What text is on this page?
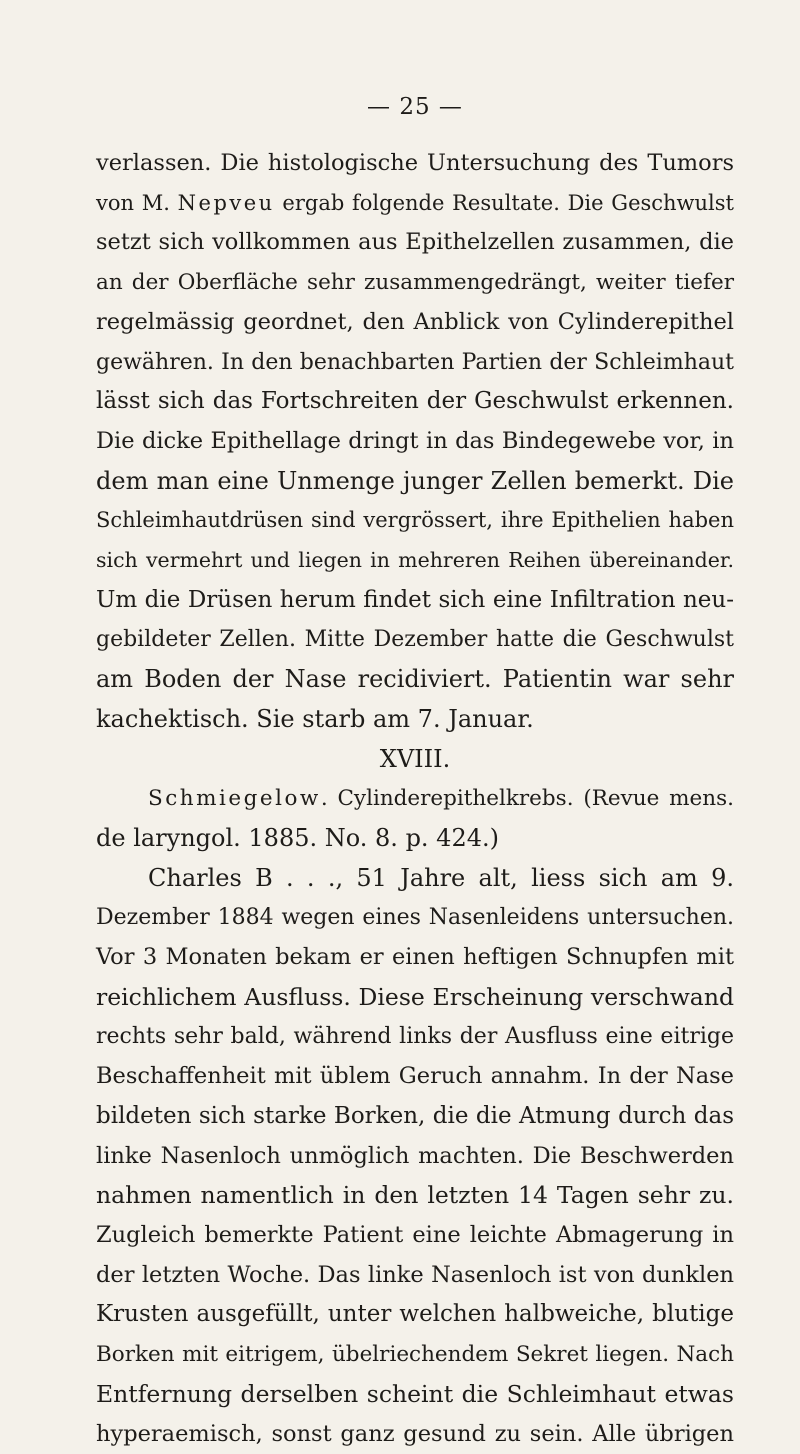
— 25 —
verlassen. Die histologische Untersuchung des Tumors
von M. Nepveu ergab folgende Resultate. Die Geschwulst
setzt sich vollkommen aus Epithelzellen zusammen, die
an der Oberfläche sehr zusammengedrängt, weiter tiefer
regelmässig geordnet, den Anblick von Cylinderepithel
gewähren. In den benachbarten Partien der Schleimhaut
lässt sich das Fortschreiten der Geschwulst erkennen.
Die dicke Epithellage dringt in das Bindegewebe vor, in
dem man eine Unmenge junger Zellen bemerkt. Die
Schleimhautdrüsen sind vergrössert, ihre Epithelien haben
sich vermehrt und liegen in mehreren Reihen übereinander.
Um die Drüsen herum findet sich eine Infiltration neu-
gebildeter Zellen. Mitte Dezember hatte die Geschwulst
am Boden der Nase recidiviert. Patientin war sehr
kachektisch. Sie starb am 7. Januar.
XVIII.
Schmiegelow. Cylinderepithelkrebs. (Revue mens.
de laryngol. 1885. No. 8. p. 424.)
Charles B . . ., 51 Jahre alt, liess sich am 9.
Dezember 1884 wegen eines Nasenleidens untersuchen.
Vor 3 Monaten bekam er einen heftigen Schnupfen mit
reichlichem Ausfluss. Diese Erscheinung verschwand
rechts sehr bald, während links der Ausfluss eine eitrige
Beschaffenheit mit üblem Geruch annahm. In der Nase
bildeten sich starke Borken, die die Atmung durch das
linke Nasenloch unmöglich machten. Die Beschwerden
nahmen namentlich in den letzten 14 Tagen sehr zu.
Zugleich bemerkte Patient eine leichte Abmagerung in
der letzten Woche. Das linke Nasenloch ist von dunklen
Krusten ausgefüllt, unter welchen halbweiche, blutige
Borken mit eitrigem, übelriechendem Sekret liegen. Nach
Entfernung derselben scheint die Schleimhaut etwas
hyperaemisch, sonst ganz gesund zu sein. Alle übrigen
